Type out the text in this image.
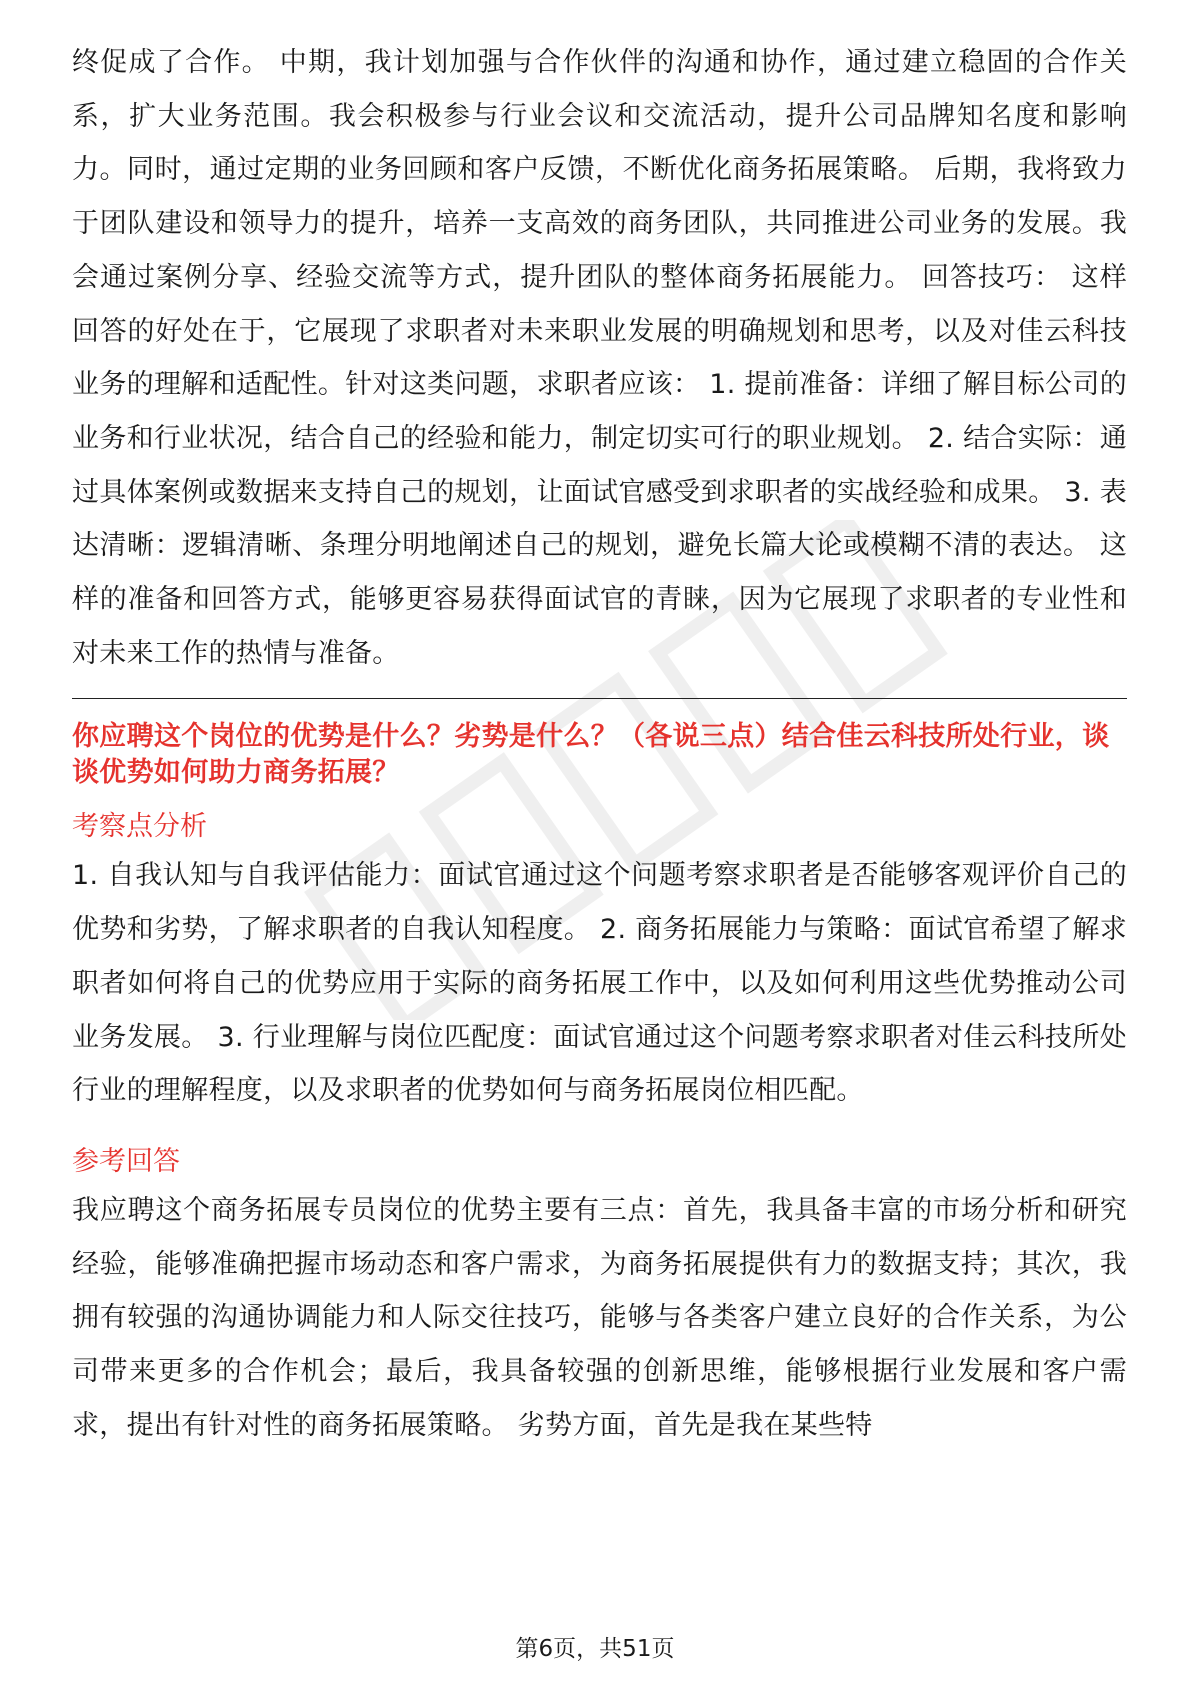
终促成了合作。 中期，我计划加强与合作伙伴的沟通和协作，通过建立稳固的合作关系，扩大业务范围。我会积极参与行业会议和交流活动，提升公司品牌知名度和影响力。同时，通过定期的业务回顾和客户反馈，不断优化商务拓展策略。 后期，我将致力于团队建设和领导力的提升，培养一支高效的商务团队，共同推进公司业务的发展。我会通过案例分享、经验交流等方式，提升团队的整体商务拓展能力。 回答技巧： 这样回答的好处在于，它展现了求职者对未来职业发展的明确规划和思考，以及对佳云科技业务的理解和适配性。针对这类问题，求职者应该： 1. 提前准备：详细了解目标公司的业务和行业状况，结合自己的经验和能力，制定切实可行的职业规划。 2. 结合实际：通过具体案例或数据来支持自己的规划，让面试官感受到求职者的实战经验和成果。 3. 表达清晰：逻辑清晰、条理分明地阐述自己的规划，避免长篇大论或模糊不清的表达。 这样的准备和回答方式，能够更容易获得面试官的青睐，因为它展现了求职者的专业性和对未来工作的热情与准备。

你应聘这个岗位的优势是什么？劣势是什么？（各说三点）结合佳云科技所处行业，谈谈优势如何助力商务拓展？

考察点分析

1. 自我认知与自我评估能力：面试官通过这个问题考察求职者是否能够客观评价自己的优势和劣势，了解求职者的自我认知程度。 2. 商务拓展能力与策略：面试官希望了解求职者如何将自己的优势应用于实际的商务拓展工作中，以及如何利用这些优势推动公司业务发展。 3. 行业理解与岗位匹配度：面试官通过这个问题考察求职者对佳云科技所处行业的理解程度，以及求职者的优势如何与商务拓展岗位相匹配。

参考回答

我应聘这个商务拓展专员岗位的优势主要有三点：首先，我具备丰富的市场分析和研究经验，能够准确把握市场动态和客户需求，为商务拓展提供有力的数据支持；其次，我拥有较强的沟通协调能力和人际交往技巧，能够与各类客户建立良好的合作关系，为公司带来更多的合作机会；最后，我具备较强的创新思维，能够根据行业发展和客户需求，提出有针对性的商务拓展策略。 劣势方面，首先是我在某些特

第6页，共51页
